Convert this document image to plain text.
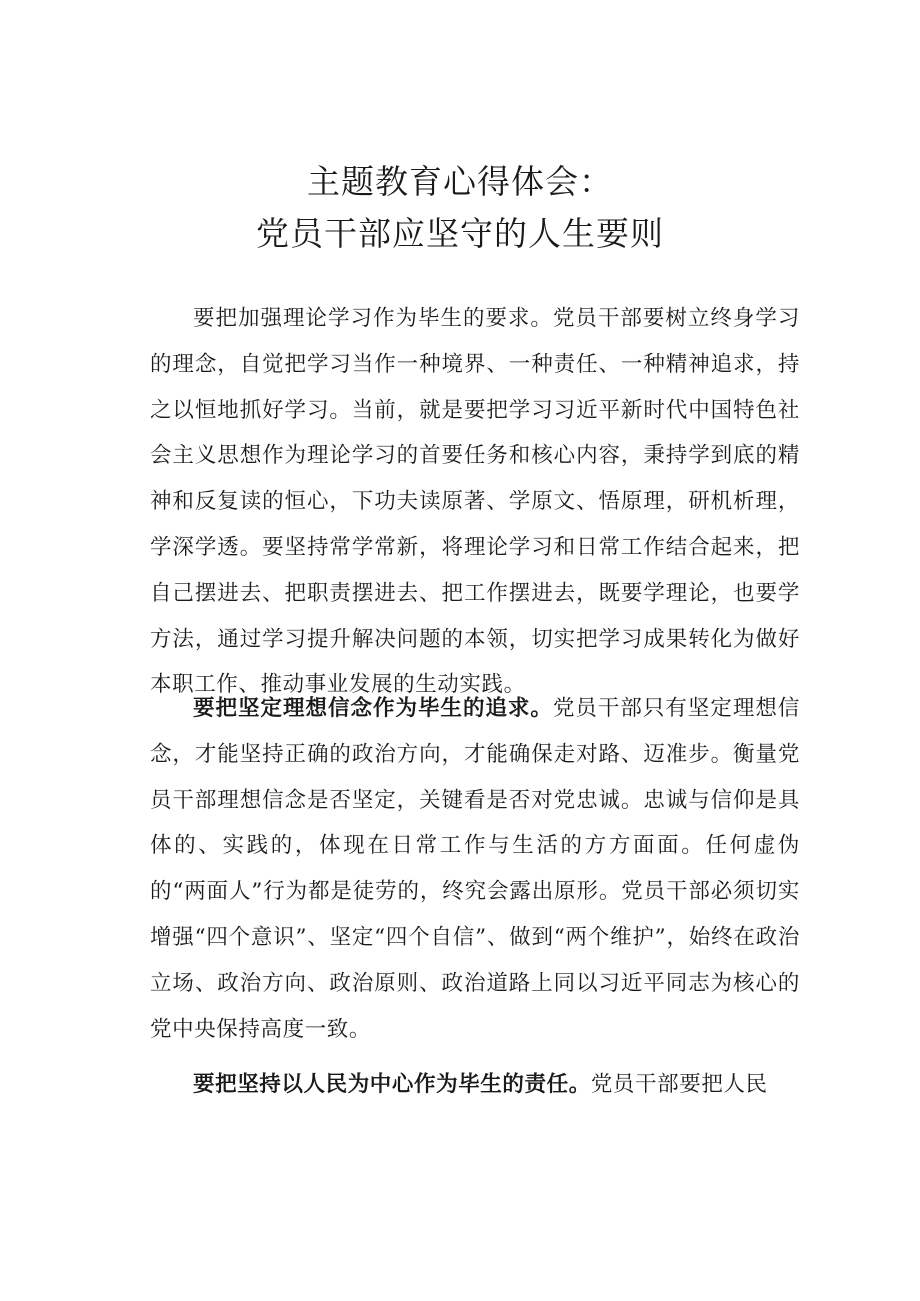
主题教育心得体会：
党员干部应坚守的人生要则

要把加强理论学习作为毕生的要求。党员干部要树立终身学习的理念，自觉把学习当作一种境界、一种责任、一种精神追求，持之以恒地抓好学习。当前，就是要把学习习近平新时代中国特色社会主义思想作为理论学习的首要任务和核心内容，秉持学到底的精神和反复读的恒心，下功夫读原著、学原文、悟原理，研机析理，学深学透。要坚持常学常新，将理论学习和日常工作结合起来，把自己摆进去、把职责摆进去、把工作摆进去，既要学理论，也要学方法，通过学习提升解决问题的本领，切实把学习成果转化为做好本职工作、推动事业发展的生动实践。

要把坚定理想信念作为毕生的追求。党员干部只有坚定理想信念，才能坚持正确的政治方向，才能确保走对路、迈准步。衡量党员干部理想信念是否坚定，关键看是否对党忠诚。忠诚与信仰是具体的、实践的，体现在日常工作与生活的方方面面。任何虚伪的“两面人”行为都是徒劳的，终究会露出原形。党员干部必须切实增强“四个意识”、坚定“四个自信”、做到“两个维护”，始终在政治立场、政治方向、政治原则、政治道路上同以习近平同志为核心的党中央保持高度一致。

要把坚持以人民为中心作为毕生的责任。党员干部要把人民
